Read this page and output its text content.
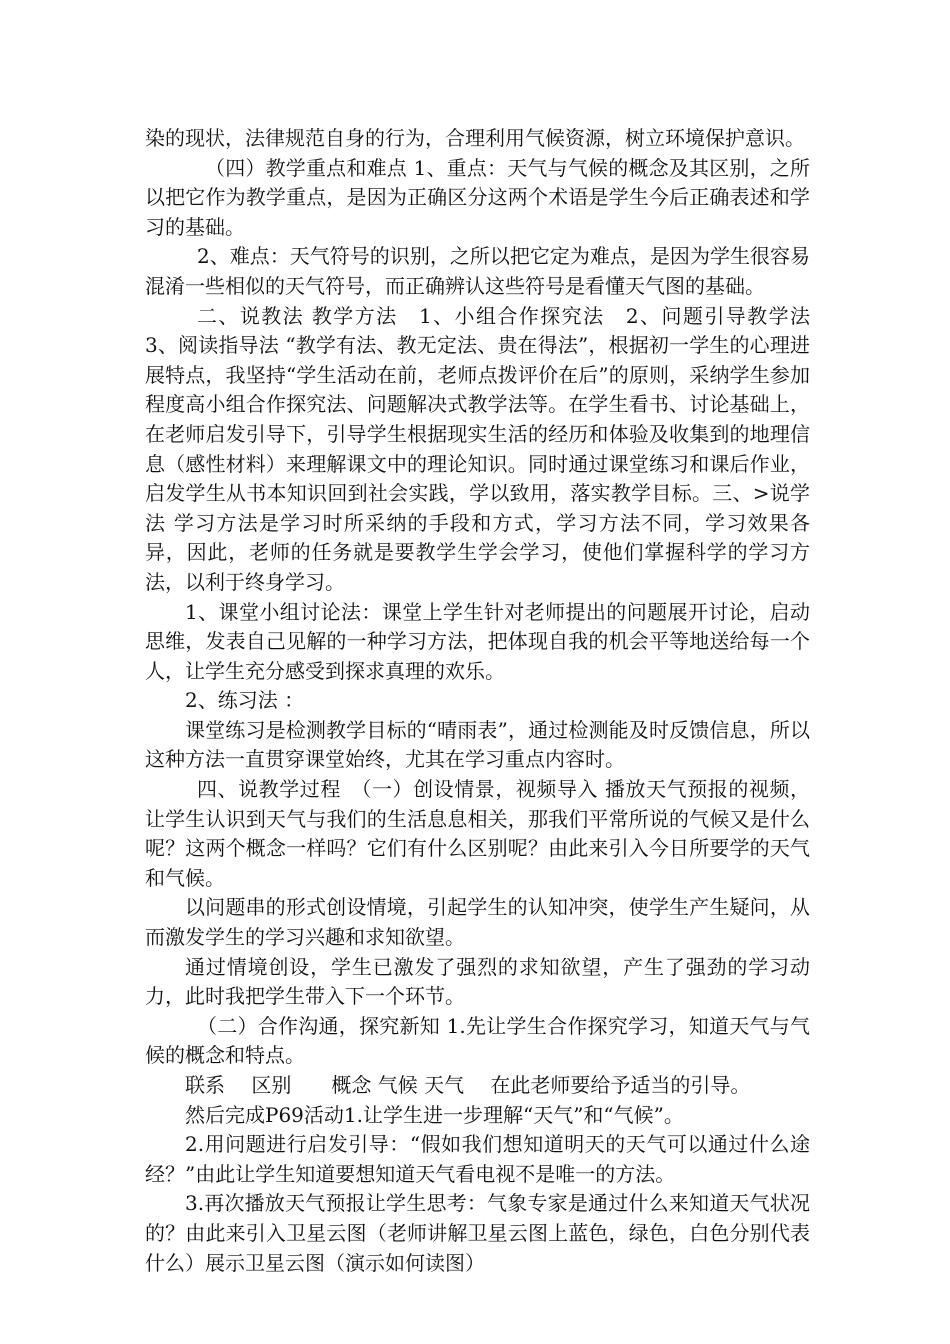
染的现状，法律规范自身的行为，合理利用气候资源，树立环境保护意识。

（四）教学重点和难点 1、重点：天气与气候的概念及其区别，之所以把它作为教学重点，是因为正确区分这两个术语是学生今后正确表述和学习的基础。

2、难点：天气符号的识别，之所以把它定为难点，是因为学生很容易混淆一些相似的天气符号，而正确辨认这些符号是看懂天气图的基础。

二、说教法 教学方法　1、小组合作探究法　2、问题引导教学法　3、阅读指导法 “教学有法、教无定法、贵在得法”，根据初一学生的心理进展特点，我坚持“学生活动在前，老师点拨评价在后”的原则，采纳学生参加程度高小组合作探究法、问题解决式教学法等。在学生看书、讨论基础上，在老师启发引导下，引导学生根据现实生活的经历和体验及收集到的地理信息（感性材料）来理解课文中的理论知识。同时通过课堂练习和课后作业，启发学生从书本知识回到社会实践，学以致用，落实教学目标。三、>说学法 学习方法是学习时所采纳的手段和方式，学习方法不同，学习效果各异，因此，老师的任务就是要教学生学会学习，使他们掌握科学的学习方法，以利于终身学习。

1、课堂小组讨论法：课堂上学生针对老师提出的问题展开讨论，启动思维，发表自己见解的一种学习方法，把体现自我的机会平等地送给每一个人，让学生充分感受到探求真理的欢乐。

2、练习法 ：

课堂练习是检测教学目标的“晴雨表”，通过检测能及时反馈信息，所以这种方法一直贯穿课堂始终，尤其在学习重点内容时。

四、说教学过程　（一）创设情景，视频导入 播放天气预报的视频，让学生认识到天气与我们的生活息息相关，那我们平常所说的气候又是什么呢？这两个概念一样吗？它们有什么区别呢？由此来引入今日所要学的天气和气候。

以问题串的形式创设情境，引起学生的认知冲突，使学生产生疑问，从而激发学生的学习兴趣和求知欲望。

通过情境创设，学生已激发了强烈的求知欲望，产生了强劲的学习动力，此时我把学生带入下一个环节。

（二）合作沟通，探究新知 1.先让学生合作探究学习，知道天气与气候的概念和特点。

联系　 区别　　概念 气候 天气　 在此老师要给予适当的引导。

然后完成P69活动1.让学生进一步理解“天气”和“气候”。

2.用问题进行启发引导：“假如我们想知道明天的天气可以通过什么途经？”由此让学生知道要想知道天气看电视不是唯一的方法。

3.再次播放天气预报让学生思考：气象专家是通过什么来知道天气状况的？由此来引入卫星云图（老师讲解卫星云图上蓝色，绿色，白色分别代表什么）展示卫星云图（演示如何读图）
